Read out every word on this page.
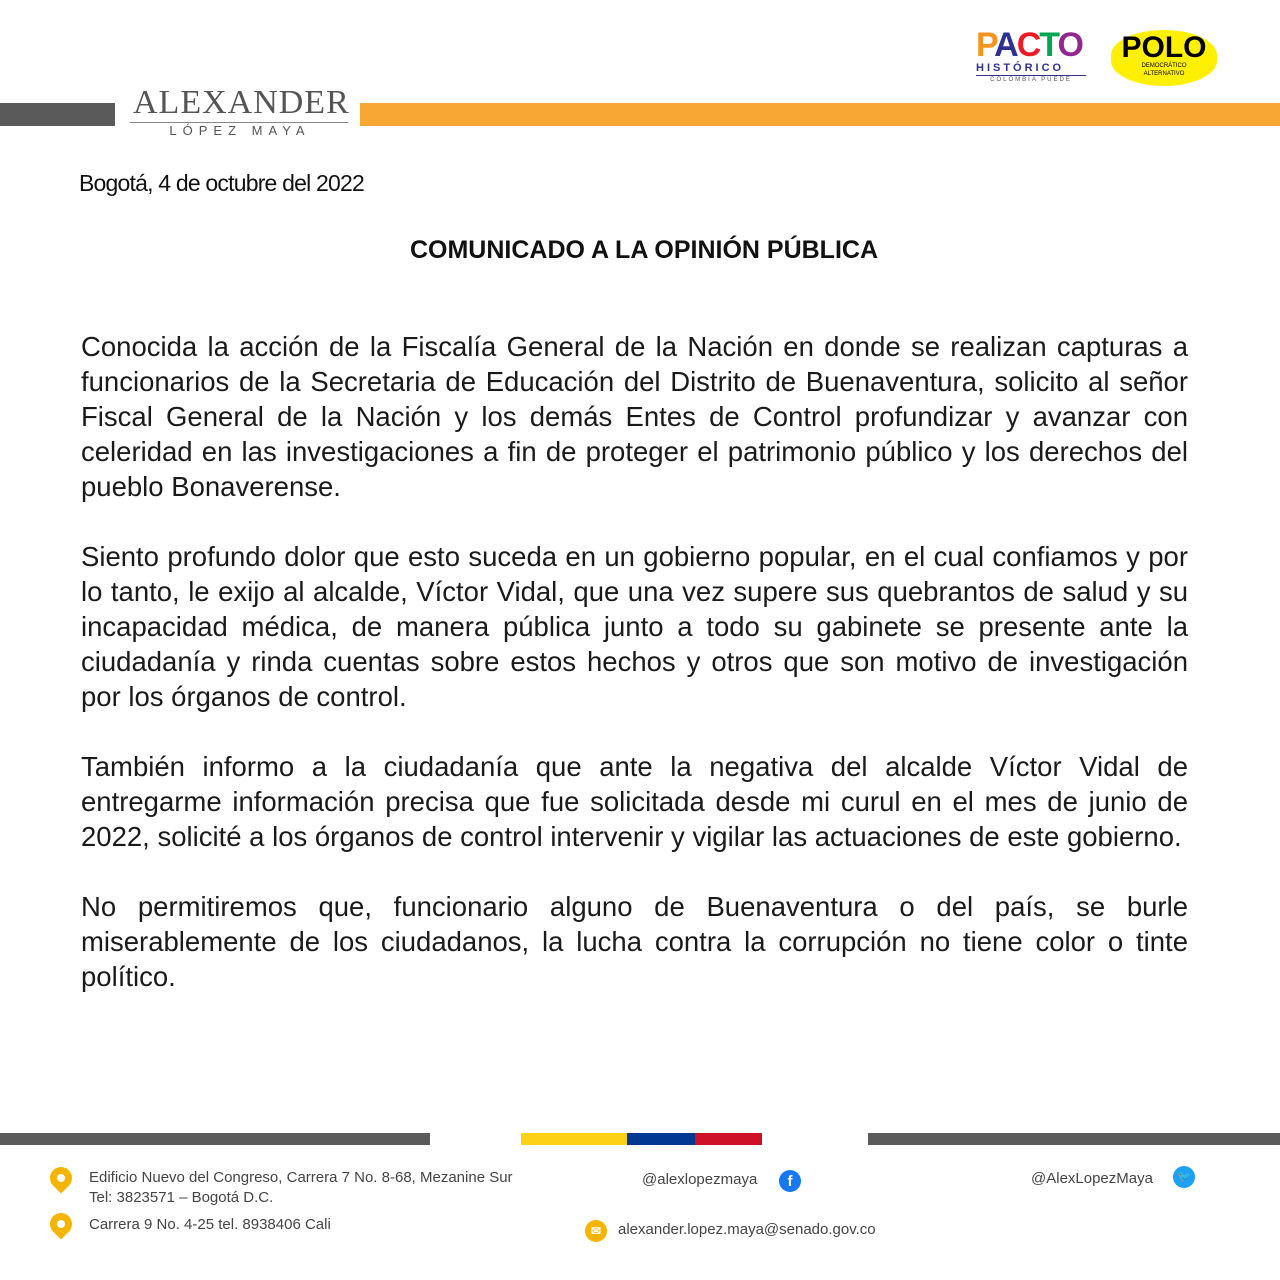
ALEXANDER
LÓPEZ MAYA
PACTO
HISTÓRICO
COLOMBIA PUEDE
POLO
DEMOCRÁTICO
ALTERNATIVO
Bogotá, 4 de octubre del 2022
COMUNICADO A LA OPINIÓN PÚBLICA

Conocida la acción de la Fiscalía General de la Nación en donde se realizan capturas a funcionarios de la Secretaria de Educación del Distrito de Buenaventura, solicito al señor Fiscal General de la Nación y los demás Entes de Control profundizar y avanzar con celeridad en las investigaciones a fin de proteger el patrimonio público y los derechos del pueblo Bonaverense.

Siento profundo dolor que esto suceda en un gobierno popular, en el cual confiamos y por lo tanto, le exijo al alcalde, Víctor Vidal, que una vez supere sus quebrantos de salud y su incapacidad médica, de manera pública junto a todo su gabinete se presente ante la ciudadanía y rinda cuentas sobre estos hechos y otros que son motivo de investigación por los órganos de control.

También informo a la ciudadanía que ante la negativa del alcalde Víctor Vidal de entregarme información precisa que fue solicitada desde mi curul en el mes de junio de 2022, solicité a los órganos de control intervenir y vigilar las actuaciones de este gobierno.

No permitiremos que, funcionario alguno de Buenaventura o del país, se burle miserablemente de los ciudadanos, la lucha contra la corrupción no tiene color o tinte político.

Edificio Nuevo del Congreso, Carrera 7 No. 8-68, Mezanine Sur
Tel: 3823571 – Bogotá D.C.
Carrera 9 No. 4-25 tel. 8938406 Cali
@alexlopezmaya	f	@AlexLopezMaya	🐦
✉	alexander.lopez.maya@senado.gov.co
